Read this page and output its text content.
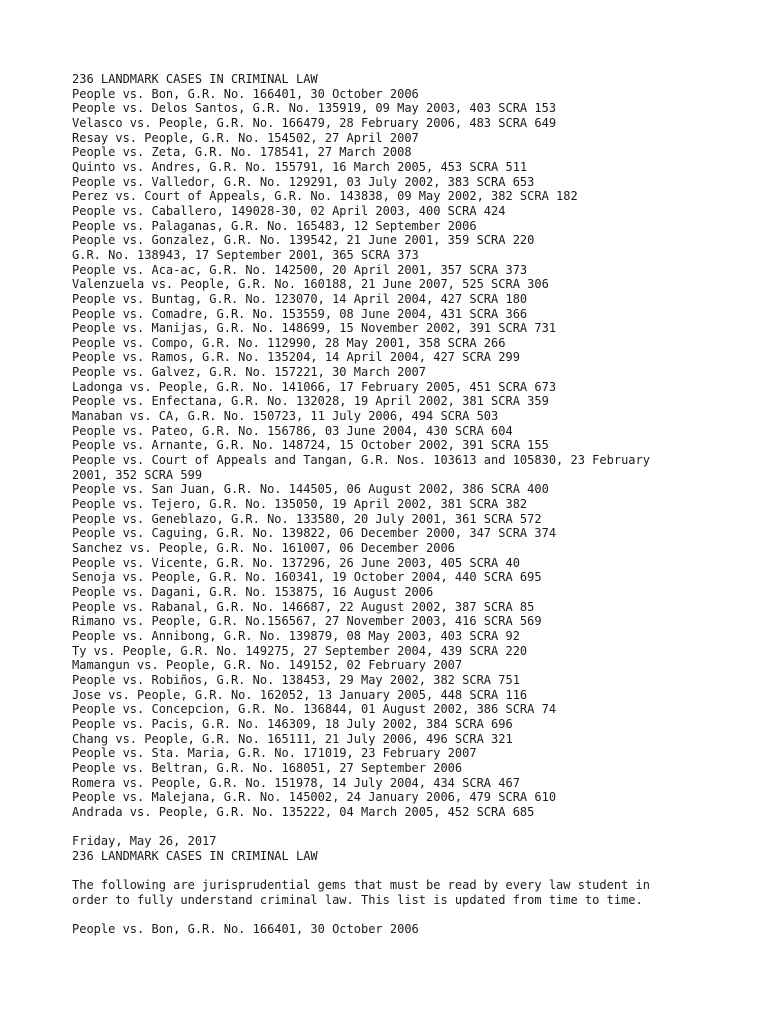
236 LANDMARK CASES IN CRIMINAL LAW
People vs. Bon, G.R. No. 166401, 30 October 2006
People vs. Delos Santos, G.R. No. 135919, 09 May 2003, 403 SCRA 153
Velasco vs. People, G.R. No. 166479, 28 February 2006, 483 SCRA 649
Resay vs. People, G.R. No. 154502, 27 April 2007
People vs. Zeta, G.R. No. 178541, 27 March 2008
Quinto vs. Andres, G.R. No. 155791, 16 March 2005, 453 SCRA 511
People vs. Valledor, G.R. No. 129291, 03 July 2002, 383 SCRA 653
Perez vs. Court of Appeals, G.R. No. 143838, 09 May 2002, 382 SCRA 182
People vs. Caballero, 149028-30, 02 April 2003, 400 SCRA 424
People vs. Palaganas, G.R. No. 165483, 12 September 2006
People vs. Gonzalez, G.R. No. 139542, 21 June 2001, 359 SCRA 220
G.R. No. 138943, 17 September 2001, 365 SCRA 373
People vs. Aca-ac, G.R. No. 142500, 20 April 2001, 357 SCRA 373
Valenzuela vs. People, G.R. No. 160188, 21 June 2007, 525 SCRA 306
People vs. Buntag, G.R. No. 123070, 14 April 2004, 427 SCRA 180
People vs. Comadre, G.R. No. 153559, 08 June 2004, 431 SCRA 366
People vs. Manijas, G.R. No. 148699, 15 November 2002, 391 SCRA 731
People vs. Compo, G.R. No. 112990, 28 May 2001, 358 SCRA 266
People vs. Ramos, G.R. No. 135204, 14 April 2004, 427 SCRA 299
People vs. Galvez, G.R. No. 157221, 30 March 2007
Ladonga vs. People, G.R. No. 141066, 17 February 2005, 451 SCRA 673
People vs. Enfectana, G.R. No. 132028, 19 April 2002, 381 SCRA 359
Manaban vs. CA, G.R. No. 150723, 11 July 2006, 494 SCRA 503
People vs. Pateo, G.R. No. 156786, 03 June 2004, 430 SCRA 604
People vs. Arnante, G.R. No. 148724, 15 October 2002, 391 SCRA 155
People vs. Court of Appeals and Tangan, G.R. Nos. 103613 and 105830, 23 February
2001, 352 SCRA 599
People vs. San Juan, G.R. No. 144505, 06 August 2002, 386 SCRA 400
People vs. Tejero, G.R. No. 135050, 19 April 2002, 381 SCRA 382
People vs. Geneblazo, G.R. No. 133580, 20 July 2001, 361 SCRA 572
People vs. Caguing, G.R. No. 139822, 06 December 2000, 347 SCRA 374
Sanchez vs. People, G.R. No. 161007, 06 December 2006
People vs. Vicente, G.R. No. 137296, 26 June 2003, 405 SCRA 40
Senoja vs. People, G.R. No. 160341, 19 October 2004, 440 SCRA 695
People vs. Dagani, G.R. No. 153875, 16 August 2006
People vs. Rabanal, G.R. No. 146687, 22 August 2002, 387 SCRA 85
Rimano vs. People, G.R. No.156567, 27 November 2003, 416 SCRA 569
People vs. Annibong, G.R. No. 139879, 08 May 2003, 403 SCRA 92
Ty vs. People, G.R. No. 149275, 27 September 2004, 439 SCRA 220
Mamangun vs. People, G.R. No. 149152, 02 February 2007
People vs. Robiños, G.R. No. 138453, 29 May 2002, 382 SCRA 751
Jose vs. People, G.R. No. 162052, 13 January 2005, 448 SCRA 116
People vs. Concepcion, G.R. No. 136844, 01 August 2002, 386 SCRA 74
People vs. Pacis, G.R. No. 146309, 18 July 2002, 384 SCRA 696
Chang vs. People, G.R. No. 165111, 21 July 2006, 496 SCRA 321
People vs. Sta. Maria, G.R. No. 171019, 23 February 2007
People vs. Beltran, G.R. No. 168051, 27 September 2006
Romera vs. People, G.R. No. 151978, 14 July 2004, 434 SCRA 467
People vs. Malejana, G.R. No. 145002, 24 January 2006, 479 SCRA 610
Andrada vs. People, G.R. No. 135222, 04 March 2005, 452 SCRA 685
Friday, May 26, 2017
236 LANDMARK CASES IN CRIMINAL LAW
The following are jurisprudential gems that must be read by every law student in
order to fully understand criminal law. This list is updated from time to time.
People vs. Bon, G.R. No. 166401, 30 October 2006
